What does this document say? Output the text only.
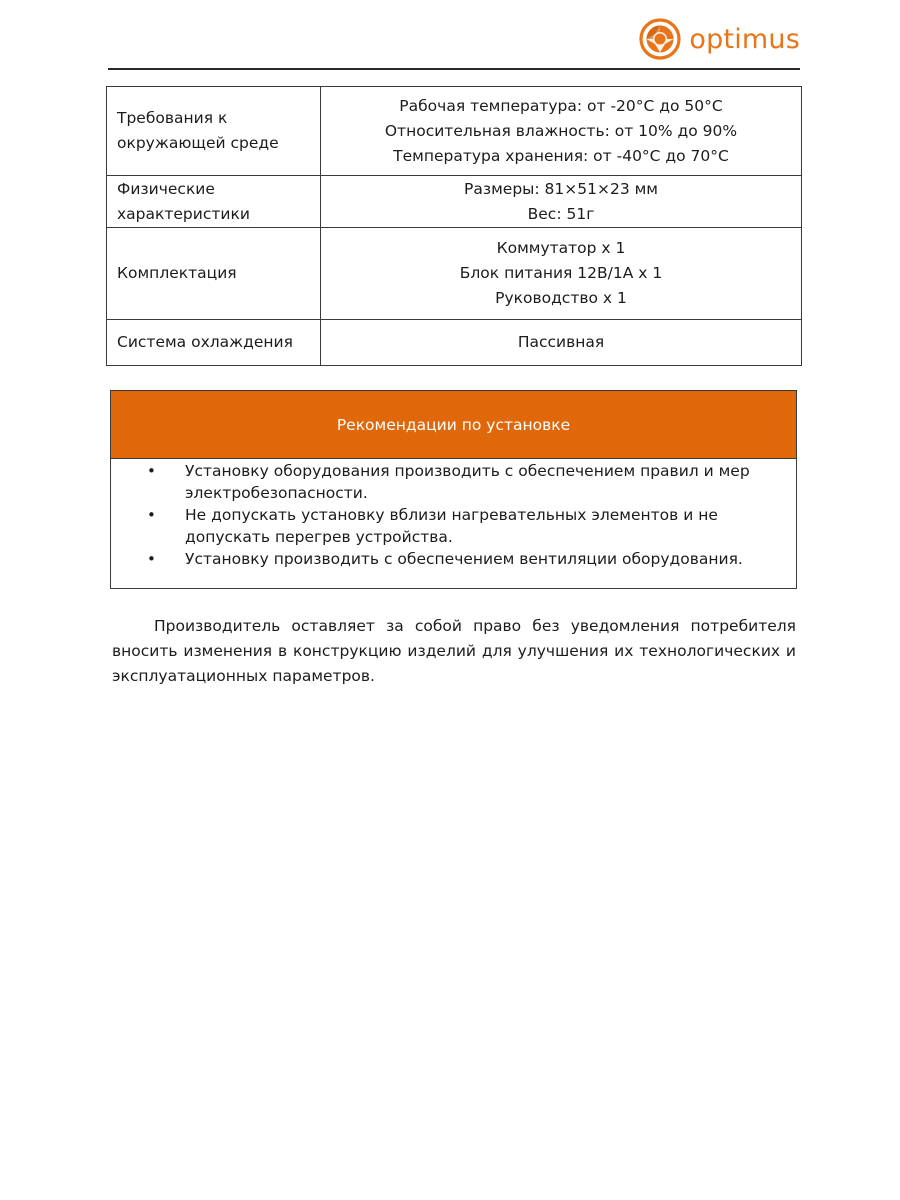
optimus
Требования к окружающей среде	Рабочая температура: от -20°C до 50°C
Относительная влажность: от 10% до 90%
Температура хранения: от -40°C до 70°C

Физические характеристики	Размеры: 81×51×23 мм
Вес: 51г

Комплектация	Коммутатор x 1
Блок питания 12В/1А x 1
Руководство x 1

Система охлаждения	Пассивная
Рекомендации по установке
• Установку оборудования производить с обеспечением правил и мер электробезопасности.
• Не допускать установку вблизи нагревательных элементов и не допускать перегрев устройства.
• Установку производить с обеспечением вентиляции оборудования.

Производитель оставляет за собой право без уведомления потребителя вносить изменения в конструкцию изделий для улучшения их технологических и эксплуатационных параметров.
